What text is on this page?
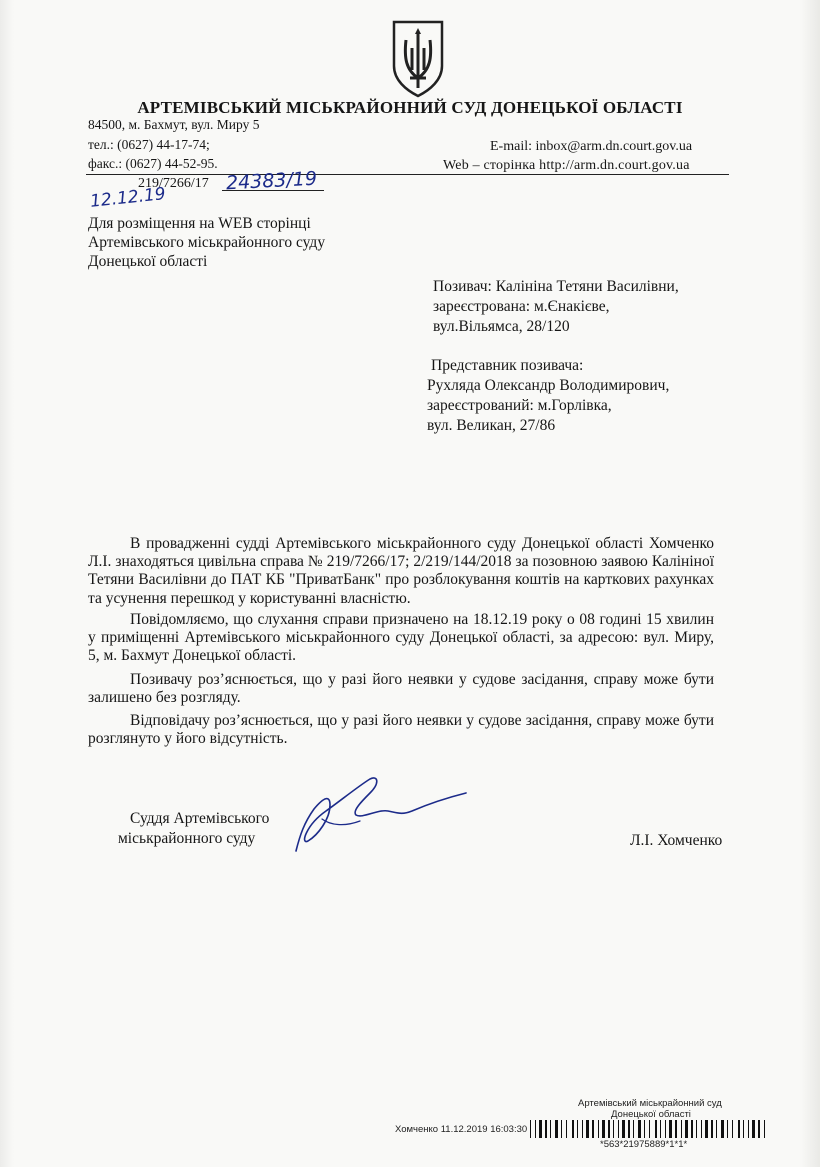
АРТЕМІВСЬКИЙ МІСЬКРАЙОННИЙ СУД ДОНЕЦЬКОЇ ОБЛАСТІ
84500, м. Бахмут, вул. Миру 5
тел.: (0627) 44-17-74;
факс.: (0627) 44-52-95.
E-mail: inbox@arm.dn.court.gov.ua
Web – сторінка http://arm.dn.court.gov.ua
219/7266/17 24383/19
12.12.19
Для розміщення на WEB сторінці
Артемівського міськрайонного суду
Донецької області
Позивач: Калініна Тетяни Василівни,
зареєстрована: м.Єнакієве,
вул.Вільямса, 28/120
Представник позивача:
Рухляда Олександр Володимирович,
зареєстрований: м.Горлівка,
вул. Великан, 27/86

В провадженні судді Артемівського міськрайонного суду Донецької області Хомченко Л.І. знаходяться цивільна справа № 219/7266/17; 2/219/144/2018 за позовною заявою Калініної Тетяни Василівни до ПАТ КБ "ПриватБанк" про розблокування коштів на карткових рахунках та усунення перешкод у користуванні власністю.

Повідомляємо, що слухання справи призначено на 18.12.19 року о 08 годині 15 хвилин у приміщенні Артемівського міськрайонного суду Донецької області, за адресою: вул. Миру, 5, м. Бахмут Донецької області.

Позивачу роз’яснюється, що у разі його неявки у судове засідання, справу може бути залишено без розгляду.

Відповідачу роз’яснюється, що у разі його неявки у судове засідання, справу може бути розглянуто у його відсутність.

Суддя Артемівського
міськрайонного суду	Л.І. Хомченко
Артемівський міськрайонний суд
Донецької області
Хомченко 11.12.2019 16:03:30
*563*21975889*1*1*
